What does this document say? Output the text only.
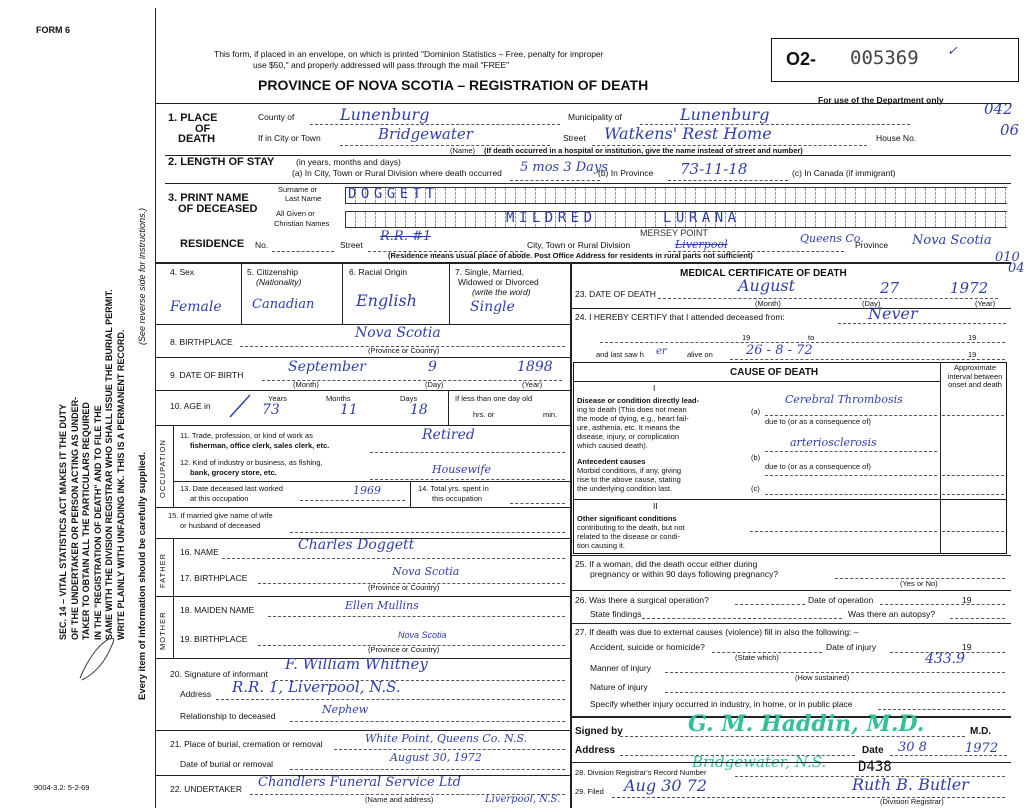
FORM 6
This form, if placed in an envelope, on which is printed "Dominion Statistics – Free, penalty for improper
use $50," and properly addressed will pass through the mail "FREE"
PROVINCE OF NOVA SCOTIA – REGISTRATION OF DEATH
O2- 005369 ✓
For use of the Department only	042
06
010
04
SEC. 14 – VITAL STATISTICS ACT MAKES IT THE DUTY OF THE UNDERTAKER OR PERSON ACTING AS UNDER- TAKER TO OBTAIN ALL THE PARTICULARS REQUIRED IN THE "REGISTRATION OF DEATH" AND TO FILE THE SAME WITH THE DIVISION REGISTRAR WHO SHALL ISSUE THE BURIAL PERMIT. WRITE PLAINLY WITH UNFADING INK. THIS IS A PERMANENT RECORD.
(See reverse side for instructions.)
Every item of information should be carefully supplied.
1. PLACE
OF
DEATH
County of	Lunenburg	Municipality of	Lunenburg
If in City or Town	Bridgewater
(Name)
Street Watkens' Rest Home	House No.
(If death occurred in a hospital or institution, give the name instead of street and number)
2. LENGTH OF STAY	(in years, months and days)
(a) In City, Town or Rural Division where death occurred 5 mos 3 Days
(b) In Province 73-11-18	(c) In Canada (if immigrant)
3. PRINT NAME
OF DECEASED
Surname or
Last Name
All Given or
Christian Names
DOGGETT
MILDRED	LURANA
RESIDENCE No.	Street
R.R. #1
City, Town or Rural Division
MERSEY POINT
Liverpool	Queens Co.
Province Nova Scotia
(Residence means usual place of abode. Post Office Address for residents in rural parts not sufficient)
4. Sex
Female
5. Citizenship
(Nationality)
Canadian
6. Racial Origin
English
7. Single, Married,
Widowed or Divorced
(write the word)
Single
8. BIRTHPLACE
Nova Scotia
(Province or Country)
9. DATE OF BIRTH	September	9	1898
(Month)	(Day)	(Year)
10. AGE in
Years	Months	Days
73	11	18
If less than one day old
hrs. or	min.
OCCUPATION
11. Trade, profession, or kind of work as
fisherman, office clerk, sales clerk, etc.
Retired
12. Kind of industry or business, as fishing,
bank, grocery store, etc.	Housewife
13. Date deceased last worked
at this occupation
1969	14. Total yrs. spent in
this occupation
15. If married give name of wife
or husband of deceased
FATHER
16. NAME	Charles Doggett
17. BIRTHPLACE	Nova Scotia
(Province or Country)
MOTHER
18. MAIDEN NAME	Ellen Mullins
19. BIRTHPLACE	Nova Scotia
(Province or Country)
20. Signature of informant
F. William Whitney
Address R.R. 1, Liverpool, N.S.
Relationship to deceased	Nephew
21. Place of burial, cremation or removal	White Point, Queens Co. N.S.
Date of burial or removal	August 30, 1972
22. UNDERTAKER Chandlers Funeral Service Ltd
Liverpool, N.S.
(Name and address)
9004-3.2: 5-2-69
MEDICAL CERTIFICATE OF DEATH
23. DATE OF DEATH	August	27	1972
(Month)	(Day)	(Year)
24. I HEREBY CERTIFY that I attended deceased from:	Never
19	to	19
and last saw h er	alive on	26 - 8 - 72	19
CAUSE OF DEATH	Approximate interval between onset and death
I
Disease or condition directly lead-
ing to death (This does not mean
the mode of dying, e.g., heart fail-
ure, asthenia, etc. It means the
disease, injury, or complication
which caused death).
(a)
Cerebral Thrombosis
due to (or as a consequence of)
arteriosclerosis
Antecedent causes
Morbid conditions, if any, giving
rise to the above cause, stating
the underlying condition last.
(b)
due to (or as a consequence of)
(c)
II
Other significant conditions
contributing to the death, but not
related to the disease or condi-
tion causing it.
25. If a woman, did the death occur either during
pregnancy or within 90 days following pregnancy?
(Yes or No)
26. Was there a surgical operation?	Date of operation	19
State findings	Was there an autopsy?
27. If death was due to external causes (violence) fill in also the following: –
Accident, suicide or homicide?
(State which)
Date of injury	19
433.9
Manner of injury
(How sustained)
Nature of injury
Specify whether injury occurred in industry, in home, or in public place
Signed by	M.D.
G. M. Haddin, M.D.
Bridgewater, N.S.
Address	Date 30 8	1972
28. Division Registrar's Record Number	D438
29. Filed Aug 30 72	Ruth B. Butler
(Division Registrar)
